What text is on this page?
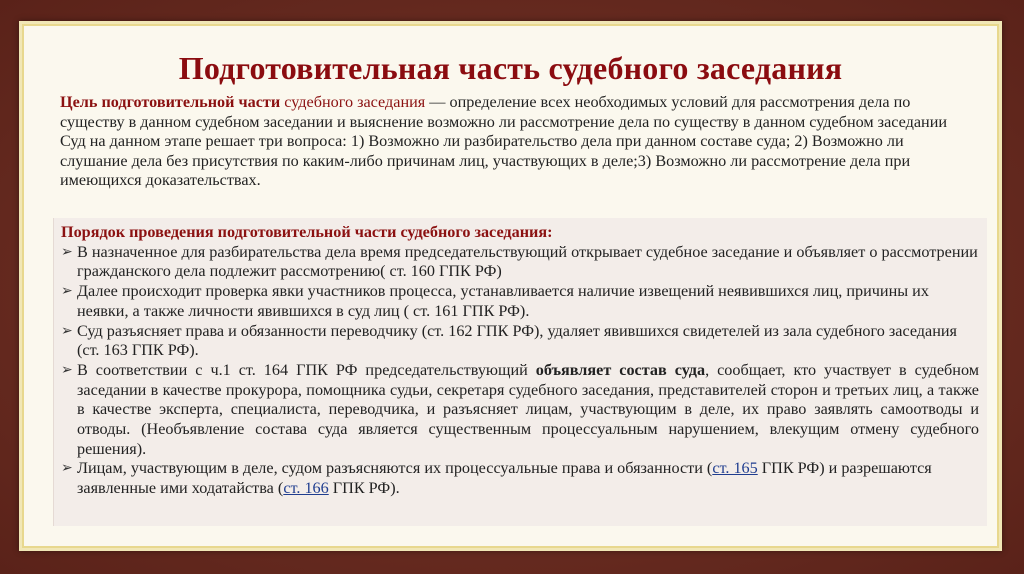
Подготовительная часть судебного заседания
Цель подготовительной части судебного заседания — определение всех необходимых условий для рассмотрения дела по существу в данном судебном заседании и выяснение возможно ли рассмотрение дела по существу в данном судебном заседании
Суд на данном этапе решает три вопроса: 1) Возможно ли разбирательство дела при данном составе суда; 2) Возможно ли слушание дела без присутствия по каким-либо причинам лиц, участвующих в деле;3) Возможно ли рассмотрение дела при имеющихся доказательствах.
Порядок проведения подготовительной части судебного заседания:
➢ В назначенное для разбирательства дела время председательствующий открывает судебное заседание и объявляет о рассмотрении гражданского дела подлежит рассмотрению( ст. 160 ГПК РФ)
➢ Далее происходит проверка явки участников процесса, устанавливается наличие извещений неявившихся лиц, причины их неявки, а также личности явившихся в суд лиц ( ст. 161 ГПК РФ).
➢ Суд разъясняет права и обязанности переводчику (ст. 162 ГПК РФ), удаляет явившихся свидетелей из зала судебного заседания (ст. 163 ГПК РФ).
➢ В соответствии с ч.1 ст. 164 ГПК РФ председательствующий объявляет состав суда, сообщает, кто участвует в судебном заседании в качестве прокурора, помощника судьи, секретаря судебного заседания, представителей сторон и третьих лиц, а также в качестве эксперта, специалиста, переводчика, и разъясняет лицам, участвующим в деле, их право заявлять самоотводы и отводы. (Необъявление состава суда является существенным процессуальным нарушением, влекущим отмену судебного решения).
➢ Лицам, участвующим в деле, судом разъясняются их процессуальные права и обязанности (ст. 165 ГПК РФ) и разрешаются заявленные ими ходатайства (ст. 166 ГПК РФ).
